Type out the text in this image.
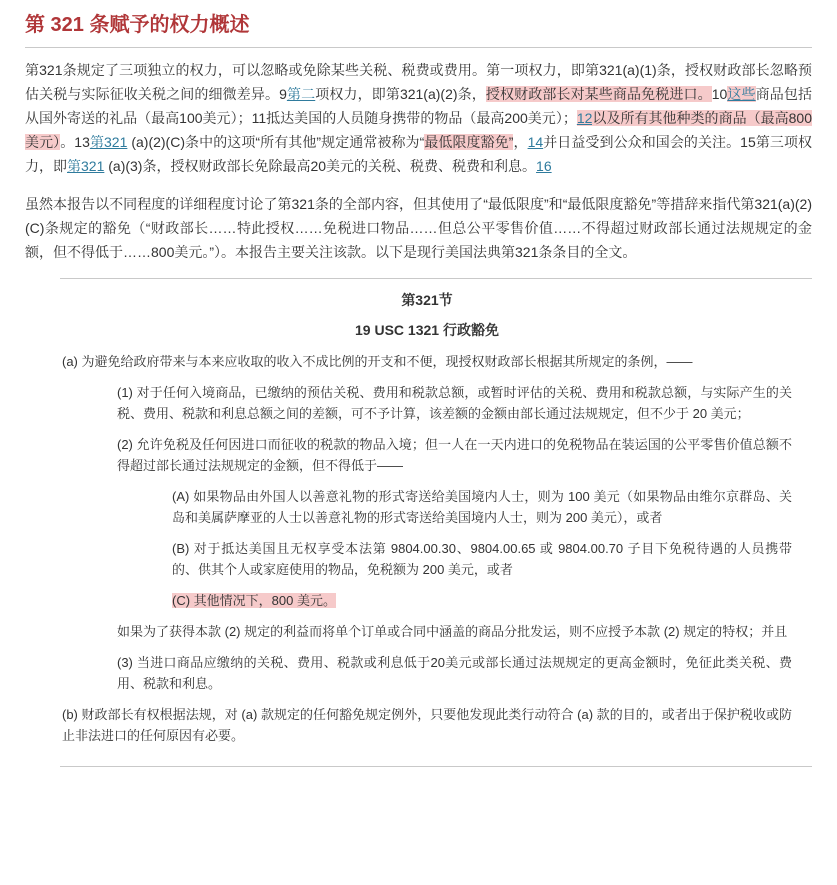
第 321 条赋予的权力概述

第321条规定了三项独立的权力，可以忽略或免除某些关税、税费或费用。第一项权力，即第321(a)(1)条，授权财政部长忽略预估关税与实际征收关税之间的细微差异。9第二项权力，即第321(a)(2)条，授权财政部长对某些商品免税进口。10这些商品包括从国外寄送的礼品（最高100美元）；11抵达美国的人员随身携带的物品（最高200美元）；12以及所有其他种类的商品（最高800美元）。13第321 (a)(2)(C)条中的这项“所有其他”规定通常被称为“最低限度豁免”，14并日益受到公众和国会的关注。15第三项权力，即第321 (a)(3)条，授权财政部长免除最高20美元的关税、税费、税费和利息。16

虽然本报告以不同程度的详细程度讨论了第321条的全部内容，但其使用了“最低限度”和“最低限度豁免”等措辞来指代第321(a)(2)(C)条规定的豁免（“财政部长……特此授权……免税进口物品……但总公平零售价值……不得超过财政部长通过法规规定的金额，但不得低于……800美元。”）。本报告主要关注该款。以下是现行美国法典第321条条目的全文。

第321节
19 USC 1321 行政豁免

(a) 为避免给政府带来与本来应收取的收入不成比例的开支和不便，现授权财政部长根据其所规定的条例，——

(1) 对于任何入境商品，已缴纳的预估关税、费用和税款总额，或暂时评估的关税、费用和税款总额，与实际产生的关税、费用、税款和利息总额之间的差额，可不予计算，该差额的金额由部长通过法规规定，但不少于 20 美元；

(2) 允许免税及任何因进口而征收的税款的物品入境；但一人在一天内进口的免税物品在装运国的公平零售价值总额不得超过部长通过法规规定的金额，但不得低于——

(A) 如果物品由外国人以善意礼物的形式寄送给美国境内人士，则为 100 美元（如果物品由维尔京群岛、关岛和美属萨摩亚的人士以善意礼物的形式寄送给美国境内人士，则为 200 美元），或者

(B) 对于抵达美国且无权享受本法第 9804.00.30、9804.00.65 或 9804.00.70 子目下免税待遇的人员携带的、供其个人或家庭使用的物品，免税额为 200 美元，或者

(C) 其他情况下，800 美元。

如果为了获得本款 (2) 规定的利益而将单个订单或合同中涵盖的商品分批发运，则不应授予本款 (2) 规定的特权；并且

(3) 当进口商品应缴纳的关税、费用、税款或利息低于20美元或部长通过法规规定的更高金额时，免征此类关税、费用、税款和利息。

(b) 财政部长有权根据法规，对 (a) 款规定的任何豁免规定例外，只要他发现此类行动符合 (a) 款的目的，或者出于保护税收或防止非法进口的任何原因有必要。
